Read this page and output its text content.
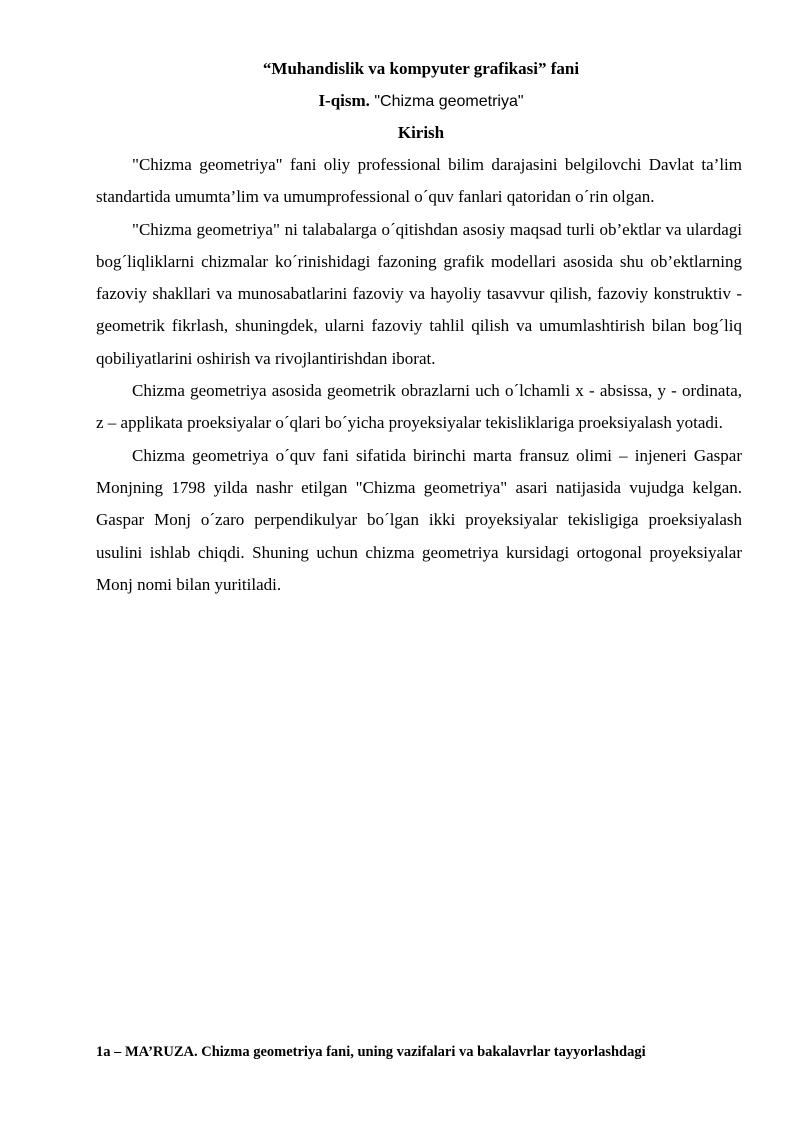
“Muhandislik va kompyuter grafikasi” fani
I-qism. "Chizma geometriya"
Kirish

"Chizma geometriya" fani oliy professional bilim darajasini belgilovchi Davlat ta’lim standartida umumta’lim va umumprofessional o´quv fanlari qatoridan o´rin olgan.

"Chizma geometriya" ni talabalarga o´qitishdan asosiy maqsad turli ob’ektlar va ulardagi bog´liqliklarni chizmalar ko´rinishidagi fazoning grafik modellari asosida shu ob’ektlarning fazoviy shakllari va munosabatlarini fazoviy va hayoliy tasavvur qilish, fazoviy konstruktiv - geometrik fikrlash, shuningdek, ularni fazoviy tahlil qilish va umumlashtirish bilan bog´liq qobiliyatlarini oshirish va rivojlantirishdan iborat.

Chizma geometriya asosida geometrik obrazlarni uch o´lchamli x - absissa, y - ordinata, z – applikata proeksiyalar o´qlari bo´yicha proyeksiyalar tekisliklariga proeksiyalash yotadi.

Chizma geometriya o´quv fani sifatida birinchi marta fransuz olimi – injeneri Gaspar Monjning 1798 yilda nashr etilgan "Chizma geometriya" asari natijasida vujudga kelgan. Gaspar Monj o´zaro perpendikulyar bo´lgan ikki proyeksiyalar tekisligiga proeksiyalash usulini ishlab chiqdi. Shuning uchun chizma geometriya kursidagi ortogonal proyeksiyalar Monj nomi bilan yuritiladi.

1a – MA’RUZA. Chizma geometriya fani, uning vazifalari va bakalavrlar tayyorlashdagi
